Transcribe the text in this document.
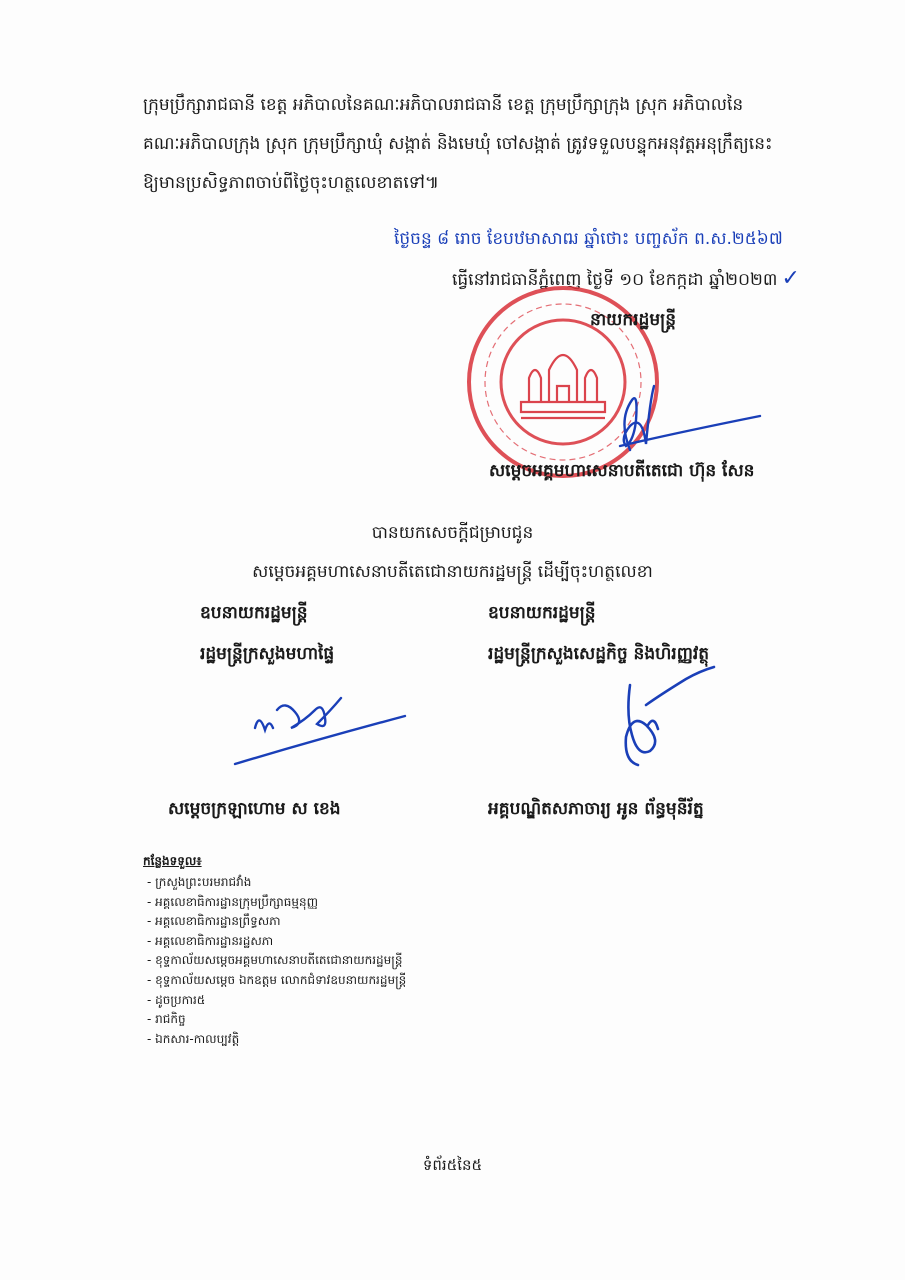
ក្រុមប្រឹក្សារាជធានី ខេត្ត អភិបាលនៃគណៈអភិបាលរាជធានី ខេត្ត ក្រុមប្រឹក្សាក្រុង ស្រុក អភិបាលនៃ
គណៈអភិបាលក្រុង ស្រុក ក្រុមប្រឹក្សាឃុំ សង្កាត់ និងមេឃុំ ចៅសង្កាត់ ត្រូវទទួលបន្ទុកអនុវត្តអនុក្រឹត្យនេះ
ឱ្យមានប្រសិទ្ធភាពចាប់ពីថ្ងៃចុះហត្ថលេខាតទៅ៕
ថ្ងៃចន្ទ ៨ រោច ខែបឋមាសាឍ ឆ្នាំថោះ បញ្ចស័ក ព.ស.២៥៦៧
ធ្វើនៅរាជធានីភ្នំពេញ ថ្ងៃទី ១០ ខែកក្កដា ឆ្នាំ២០២៣ ✓
នាយករដ្ឋមន្ត្រី
សម្ដេចអគ្គមហាសេនាបតីតេជោ ហ៊ុន សែន
បានយកសេចក្ដីជម្រាបជូន
សម្ដេចអគ្គមហាសេនាបតីតេជោនាយករដ្ឋមន្ត្រី ដើម្បីចុះហត្ថលេខា
ឧបនាយករដ្ឋមន្ត្រី
រដ្ឋមន្ត្រីក្រសួងមហាផ្ទៃ
ឧបនាយករដ្ឋមន្ត្រី
រដ្ឋមន្ត្រីក្រសួងសេដ្ឋកិច្ច និងហិរញ្ញវត្ថុ
សម្ដេចក្រឡាហោម ស ខេង	អគ្គបណ្ឌិតសភាចារ្យ អូន ព័ន្ធមុនីរ័ត្ន
កន្លែងទទួល៖
- ក្រសួងព្រះបរមរាជវាំង
- អគ្គលេខាធិការដ្ឋានក្រុមប្រឹក្សាធម្មនុញ្ញ
- អគ្គលេខាធិការដ្ឋានព្រឹទ្ធសភា
- អគ្គលេខាធិការដ្ឋានរដ្ឋសភា
- ខុទ្ទកាល័យសម្ដេចអគ្គមហាសេនាបតីតេជោនាយករដ្ឋមន្ត្រី
- ខុទ្ទកាល័យសម្ដេច ឯកឧត្ដម លោកជំទាវឧបនាយករដ្ឋមន្ត្រី
- ដូចប្រការ៥
- រាជកិច្ច
- ឯកសារ-កាលប្បវត្តិ
ទំព័រ៥នៃ៥
